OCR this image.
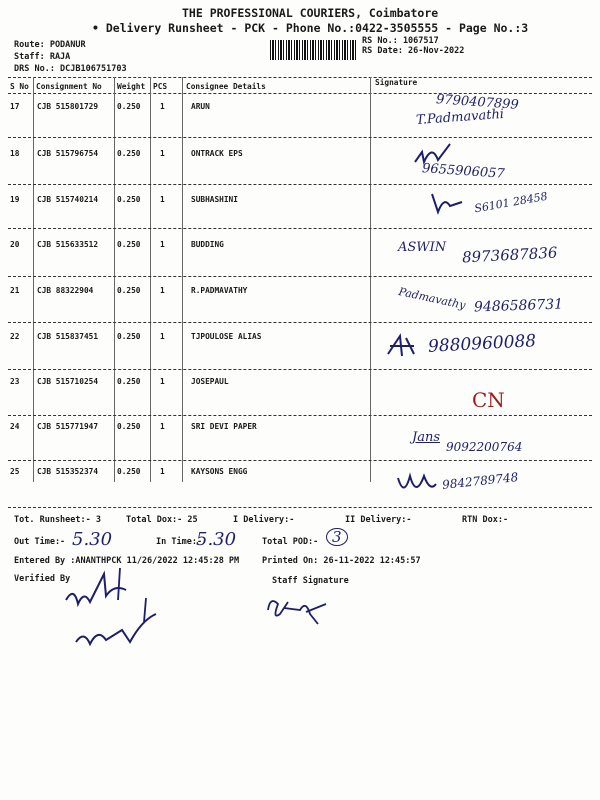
THE PROFESSIONAL COURIERS, Coimbatore
• Delivery Runsheet - PCK - Phone No.:0422-3505555 - Page No.:3
Route: PODANUR
Staff: RAJA
DRS No.: DCJB106751703
RS No.: 1067517
RS Date: 26-Nov-2022
S No Consignment No Weight PCS Consignee Details	Signature
17 CJB 515801729 0.250	1	ARUN	9790407899
T.Padmavathi
18 CJB 515796754 0.250	1	ONTRACK EPS
9655906057
19 CJB 515740214 0.250	1	SUBHASHINI	S6101 28458
20 CJB 515633512 0.250	1	BUDDING	ASWIN 8973687836
21 CJB 88322904	0.250	1	R.PADMAVATHY	Padmavathy 9486586731
22 CJB 515837451 0.250	1	TJPOULOSE ALIAS	9880960088
23 CJB 515710254 0.250	1	JOSEPAUL
CN
24 CJB 515771947 0.250	1	SRI DEVI PAPER
Jans
9092200764
25 CJB 515352374 0.250	1	KAYSONS ENGG	9842789748
Tot. Runsheet:- 3	Total Dox:- 25	I Delivery:-	II Delivery:-	RTN Dox:-
Out Time:- 5.30	In Time:-
5.30	Total POD:- 3
Entered By :ANANTHPCK 11/26/2022 12:45:28 PM	Printed On: 26-11-2022 12:45:57
Verified By	Staff Signature
